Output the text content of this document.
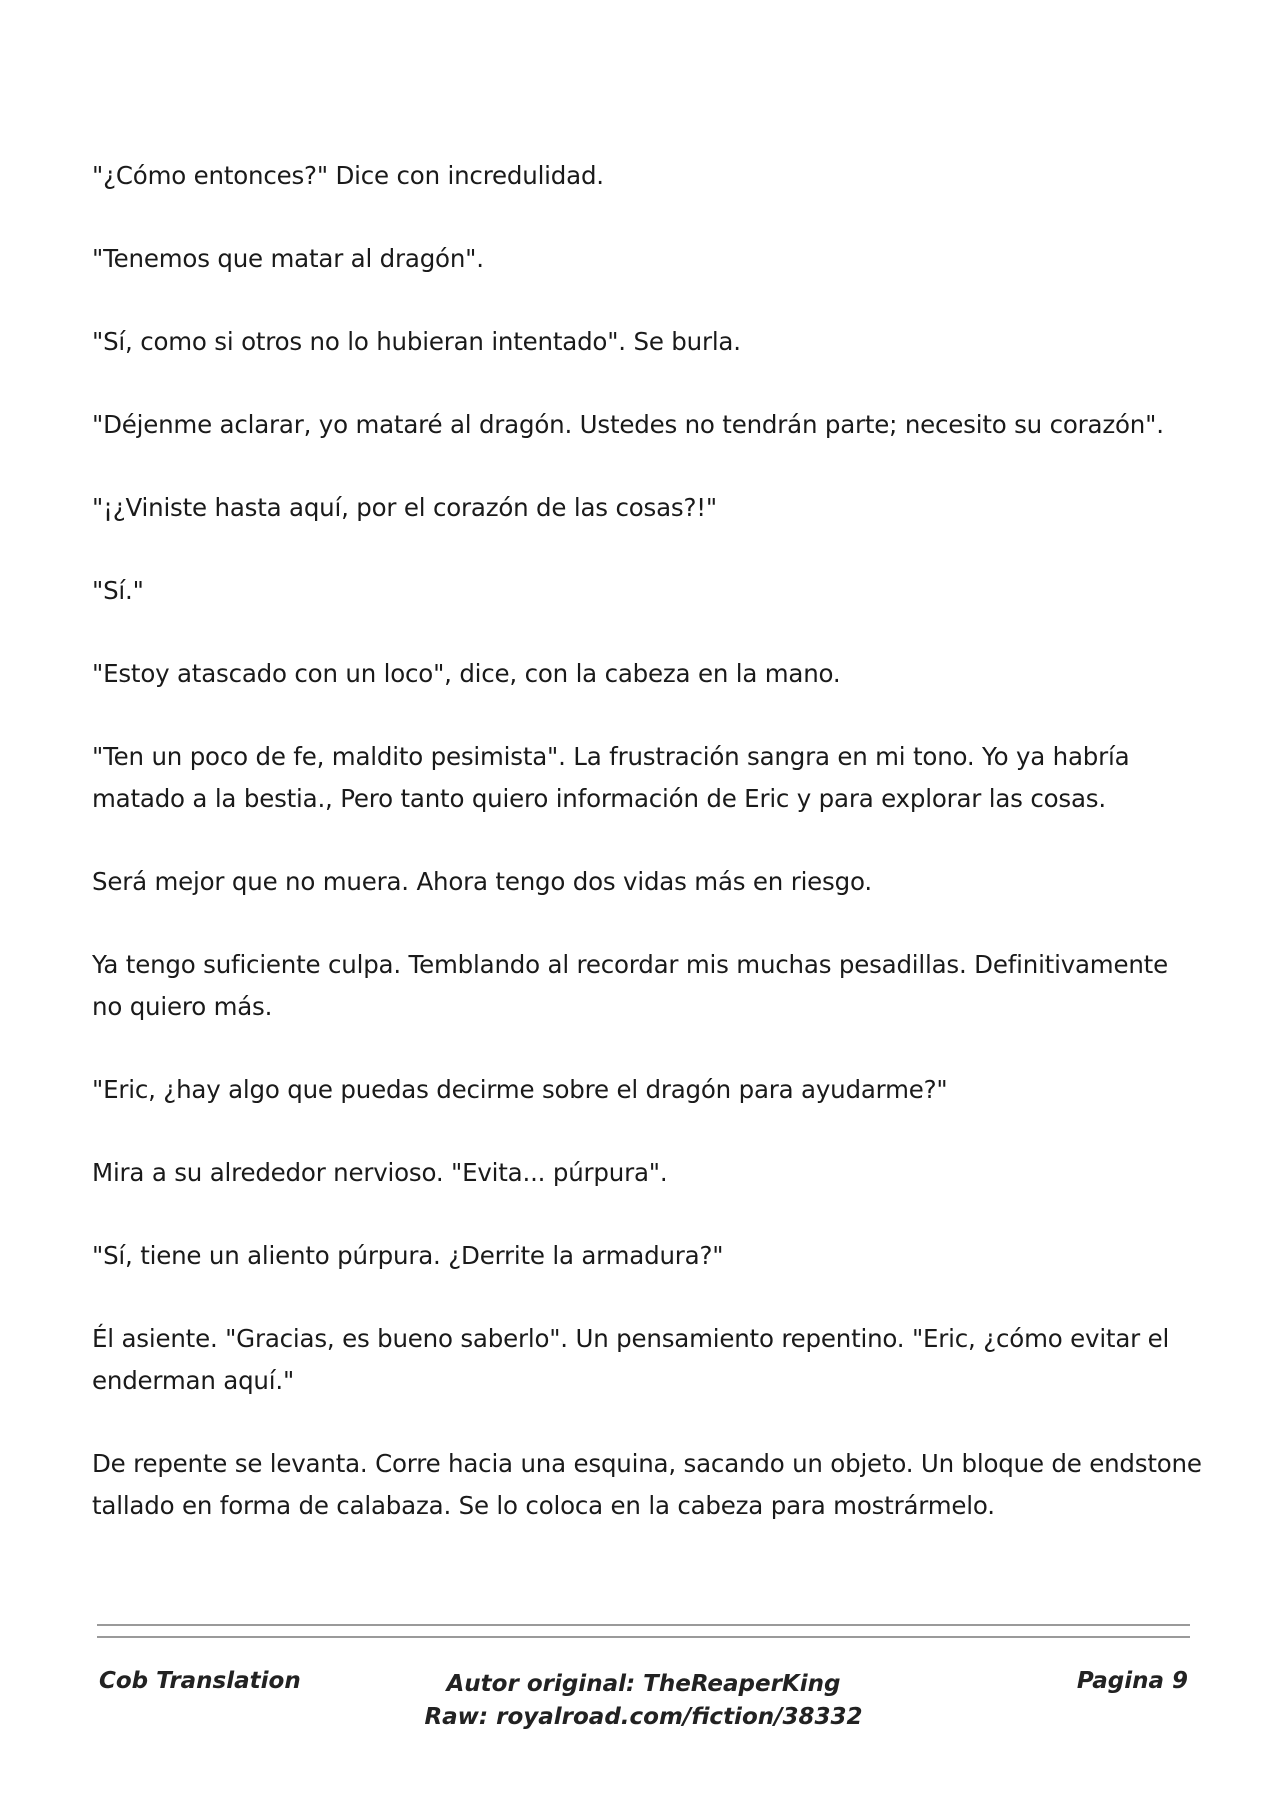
"¿Cómo entonces?" Dice con incredulidad.

"Tenemos que matar al dragón".

"Sí, como si otros no lo hubieran intentado". Se burla.

"Déjenme aclarar, yo mataré al dragón. Ustedes no tendrán parte; necesito su corazón".

"¡¿Viniste hasta aquí, por el corazón de las cosas?!"

"Sí."

"Estoy atascado con un loco", dice, con la cabeza en la mano.

"Ten un poco de fe, maldito pesimista". La frustración sangra en mi tono. Yo ya habría matado a la bestia., Pero tanto quiero información de Eric y para explorar las cosas.

Será mejor que no muera. Ahora tengo dos vidas más en riesgo.

Ya tengo suficiente culpa. Temblando al recordar mis muchas pesadillas. Definitivamente no quiero más.

"Eric, ¿hay algo que puedas decirme sobre el dragón para ayudarme?"

Mira a su alrededor nervioso. "Evita... púrpura".

"Sí, tiene un aliento púrpura. ¿Derrite la armadura?"

Él asiente. "Gracias, es bueno saberlo". Un pensamiento repentino. "Eric, ¿cómo evitar el enderman aquí."

De repente se levanta. Corre hacia una esquina, sacando un objeto. Un bloque de endstone tallado en forma de calabaza. Se lo coloca en la cabeza para mostrármelo.

Cob Translation	Autor original: TheReaperKing
Raw: royalroad.com/fiction/38332
Pagina 9
